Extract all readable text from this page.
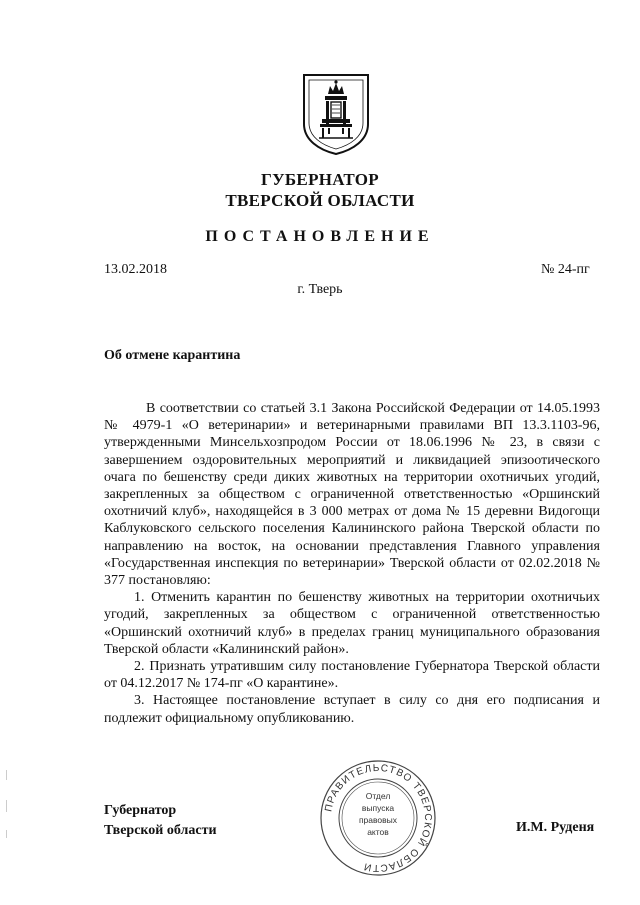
ГУБЕРНАТОР
ТВЕРСКОЙ ОБЛАСТИ
ПОСТАНОВЛЕНИЕ
13.02.2018	№ 24-пг
г. Тверь
Об отмене карантина

В соответствии со статьей 3.1 Закона Российской Федерации от 14.05.1993 № 4979-1 «О ветеринарии» и ветеринарными правилами ВП 13.3.1103-96, утвержденными Минсельхозпродом России от 18.06.1996 № 23, в связи с завершением оздоровительных мероприятий и ликвидацией эпизоотического очага по бешенству среди диких животных на территории охотничьих угодий, закрепленных за обществом с ограниченной ответственностью «Оршинский охотничий клуб», находящейся в 3 000 метрах от дома № 15 деревни Видогощи Каблуковского сельского поселения Калининского района Тверской области по направлению на восток, на основании представления Главного управления «Государственная инспекция по ветеринарии» Тверской области от 02.02.2018 № 377 постановляю:

1. Отменить карантин по бешенству животных на территории охотничьих угодий, закрепленных за обществом с ограниченной ответственностью «Оршинский охотничий клуб» в пределах границ муниципального образования Тверской области «Калининский район».

2. Признать утратившим силу постановление Губернатора Тверской области от 04.12.2017 № 174-пг «О карантине».

3. Настоящее постановление вступает в силу со дня его подписания и подлежит официальному опубликованию.

Губернатор
Тверской области	И.М. Руденя
ПРАВИТЕЛЬСТВО ТВЕРСКОЙ ОБЛАСТИ
Отдел
выпуска
правовых
актов
